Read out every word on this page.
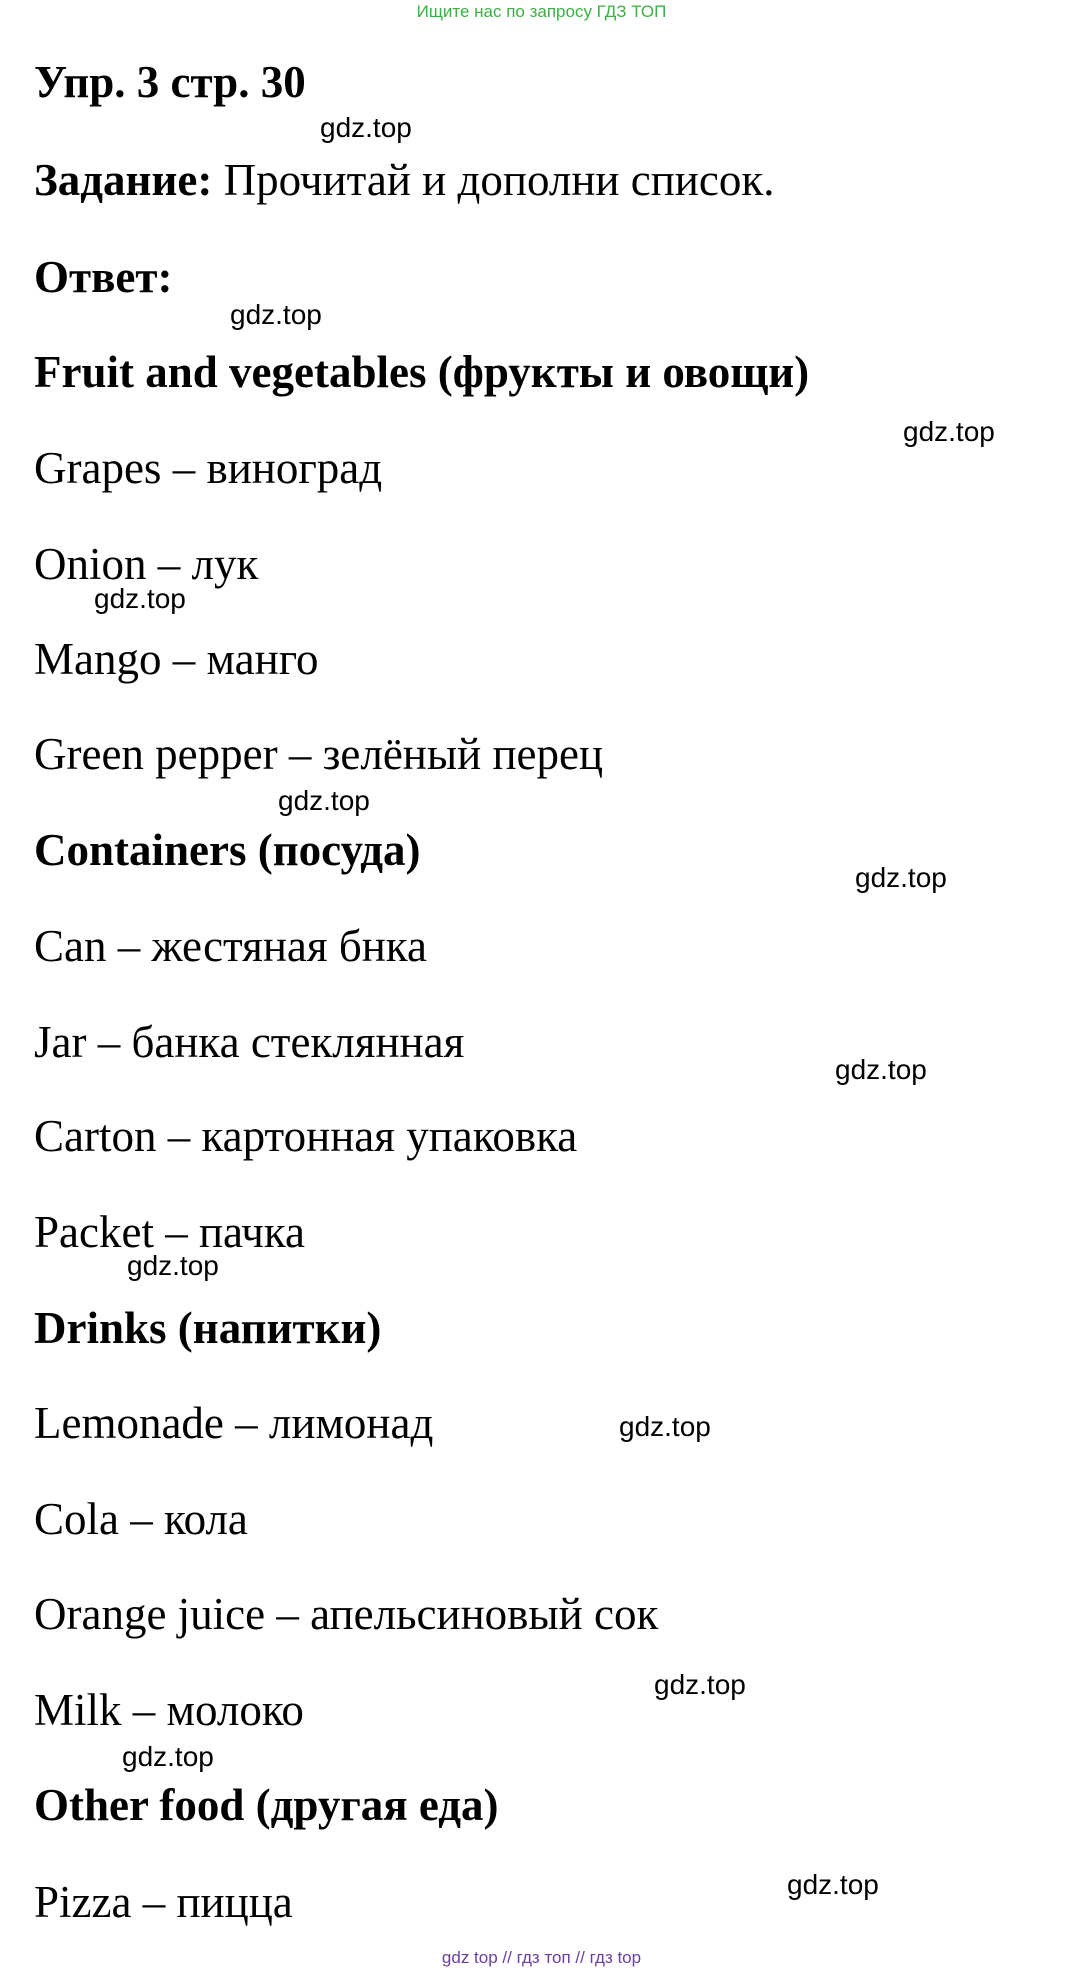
Ищите нас по запросу ГДЗ ТОП
Упр. 3 стр. 30
Задание: Прочитай и дополни список.
Ответ:
Fruit and vegetables (фрукты и овощи)
Grapes – виноград
Onion – лук
Mango – манго
Green pepper – зелёный перец
Containers (посуда)
Can – жестяная бнка
Jar – банка стеклянная
Carton – картонная упаковка
Packet – пачка
Drinks (напитки)
Lemonade – лимонад
Cola – кола
Orange juice – апельсиновый сок
Milk – молоко
Other food (другая еда)
Pizza – пицца
gdz.top
gdz.top
gdz.top
gdz.top
gdz.top
gdz.top
gdz.top
gdz.top
gdz.top
gdz.top
gdz.top
gdz.top
gdz top // гдз топ // гдз top
